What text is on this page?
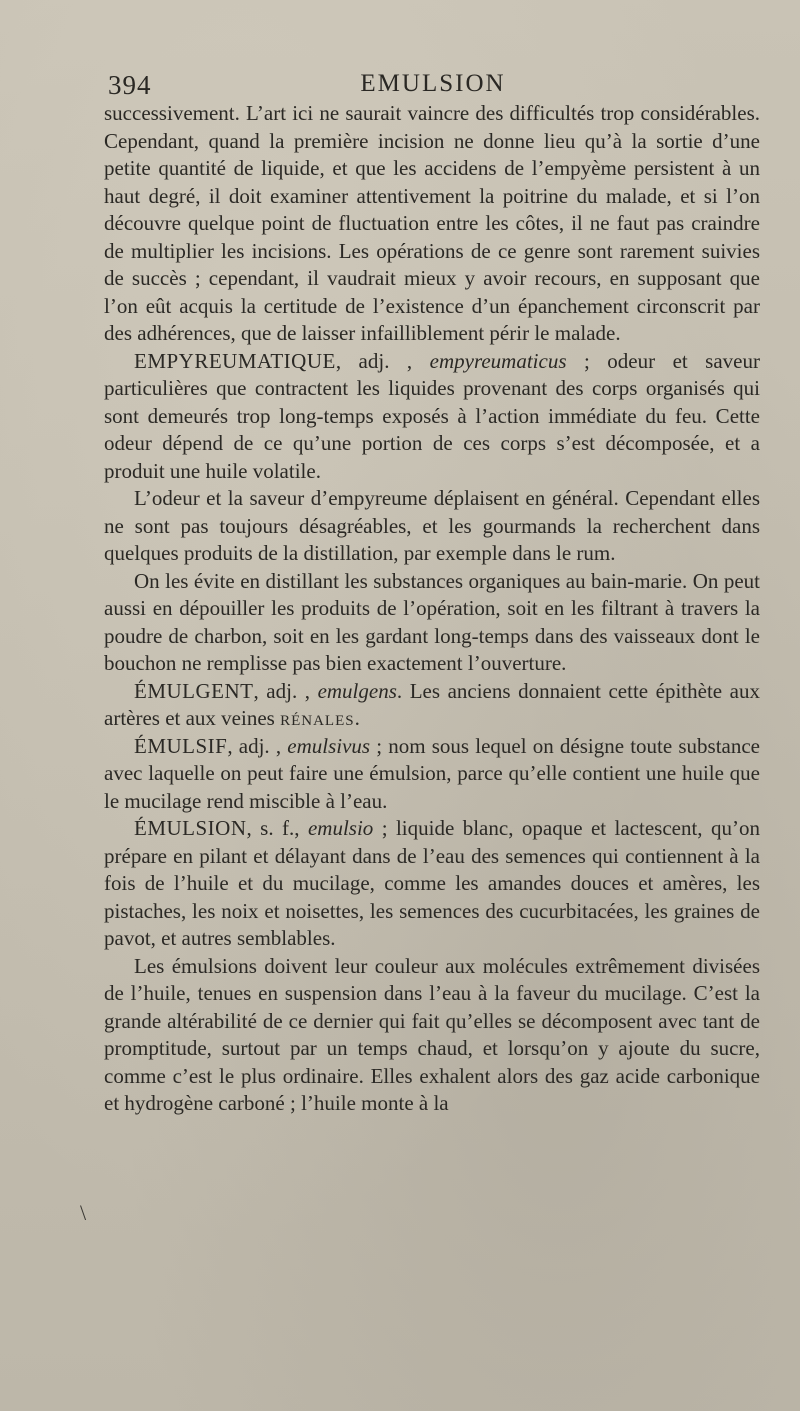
394	EMULSION

successivement. L’art ici ne saurait vaincre des difficultés trop considérables. Cependant, quand la première incision ne donne lieu qu’à la sortie d’une petite quantité de liquide, et que les accidens de l’empyème persistent à un haut degré, il doit examiner attentivement la poitrine du malade, et si l’on découvre quelque point de fluctuation entre les côtes, il ne faut pas craindre de multiplier les incisions. Les opérations de ce genre sont rarement suivies de succès ; cependant, il vaudrait mieux y avoir recours, en supposant que l’on eût acquis la certitude de l’existence d’un épanchement circonscrit par des adhérences, que de laisser infailliblement périr le malade.

EMPYREUMATIQUE, adj. , empyreumaticus ; odeur et saveur particulières que contractent les liquides provenant des corps organisés qui sont demeurés trop long-temps exposés à l’action immédiate du feu. Cette odeur dépend de ce qu’une portion de ces corps s’est décomposée, et a produit une huile volatile.

L’odeur et la saveur d’empyreume déplaisent en général. Cependant elles ne sont pas toujours désagréables, et les gourmands la recherchent dans quelques produits de la distillation, par exemple dans le rum.

On les évite en distillant les substances organiques au bain-marie. On peut aussi en dépouiller les produits de l’opération, soit en les filtrant à travers la poudre de charbon, soit en les gardant long-temps dans des vaisseaux dont le bouchon ne remplisse pas bien exactement l’ouverture.

ÉMULGENT, adj. , emulgens. Les anciens donnaient cette épithète aux artères et aux veines rénales.

ÉMULSIF, adj. , emulsivus ; nom sous lequel on désigne toute substance avec laquelle on peut faire une émulsion, parce qu’elle contient une huile que le mucilage rend miscible à l’eau.

ÉMULSION, s. f., emulsio ; liquide blanc, opaque et lactescent, qu’on prépare en pilant et délayant dans de l’eau des semences qui contiennent à la fois de l’huile et du mucilage, comme les amandes douces et amères, les pistaches, les noix et noisettes, les semences des cucurbitacées, les graines de pavot, et autres semblables.

Les émulsions doivent leur couleur aux molécules extrêmement divisées de l’huile, tenues en suspension dans l’eau à la faveur du mucilage. C’est la grande altérabilité de ce dernier qui fait qu’elles se décomposent avec tant de promptitude, surtout par un temps chaud, et lorsqu’on y ajoute du sucre, comme c’est le plus ordinaire. Elles exhalent alors des gaz acide carbonique et hydrogène carboné ; l’huile monte à la

\
